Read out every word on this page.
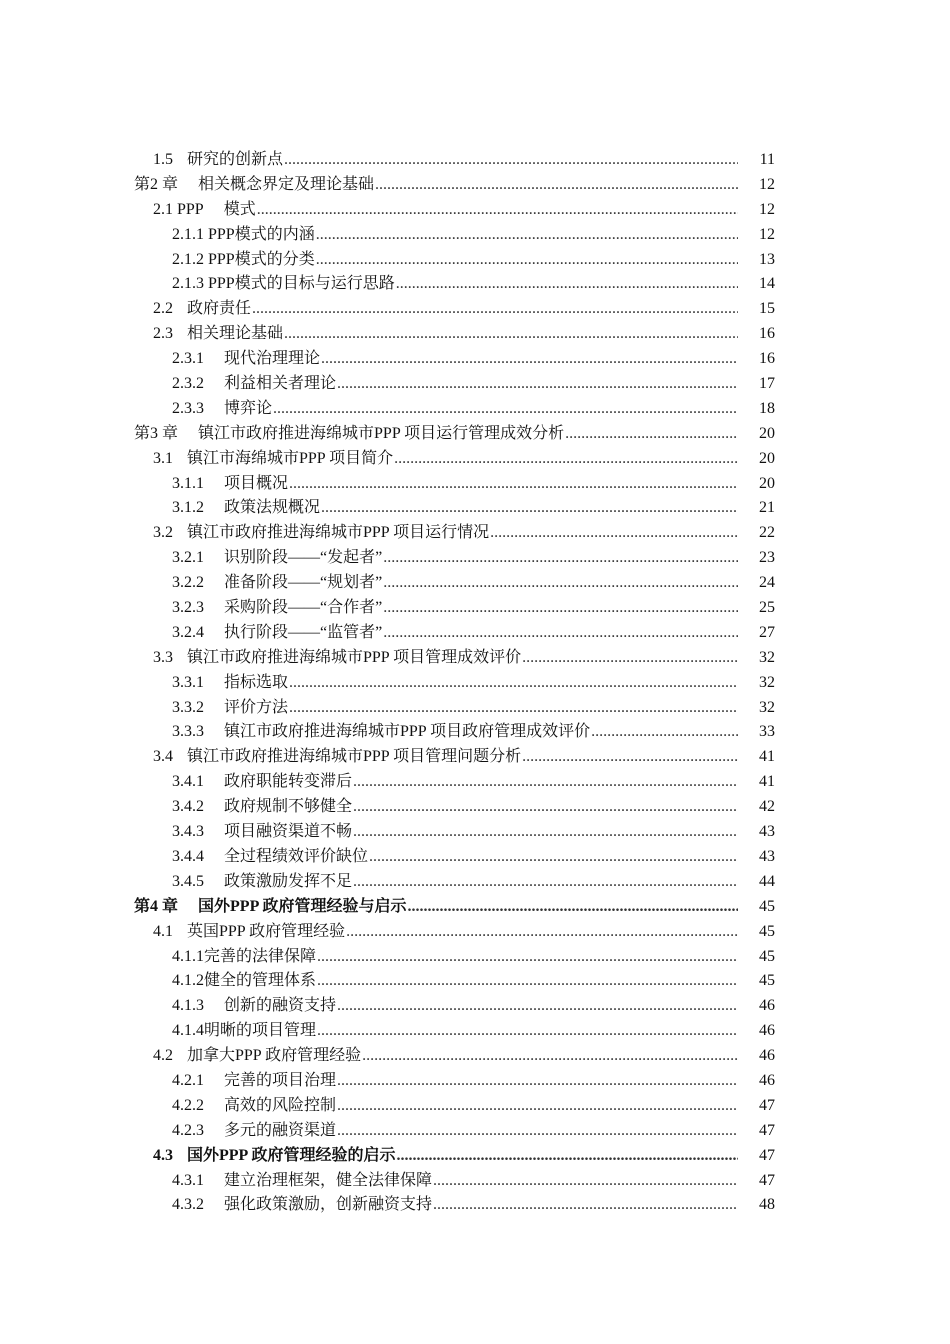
1.5 研究的创新点 .....	11
第2 章 相关概念界定及理论基础 .....	12
2.1 PPP 模式 .....	12
2.1.1 PPP模式的内涵 .....	12
2.1.2 PPP模式的分类 .....	13
2.1.3 PPP模式的目标与运行思路 .....	14
2.2 政府责任 .....	15
2.3 相关理论基础 .....	16
2.3.1 现代治理理论 .....	16
2.3.2 利益相关者理论 .....	17
2.3.3 博弈论 .....	18
第3 章 镇江市政府推进海绵城市PPP 项目运行管理成效分析 .....	20
3.1 镇江市海绵城市PPP 项目简介 .....	20
3.1.1 项目概况 .....	20
3.1.2 政策法规概况 .....	21
3.2 镇江市政府推进海绵城市PPP 项目运行情况 .....	22
3.2.1 识别阶段——“发起者” .....	23
3.2.2 准备阶段——“规划者” .....	24
3.2.3 采购阶段——“合作者” .....	25
3.2.4 执行阶段——“监管者” .....	27
3.3 镇江市政府推进海绵城市PPP 项目管理成效评价 .....	32
3.3.1 指标选取 .....	32
3.3.2 评价方法 .....	32
3.3.3 镇江市政府推进海绵城市PPP 项目政府管理成效评价 .....	33
3.4 镇江市政府推进海绵城市PPP 项目管理问题分析 .....	41
3.4.1 政府职能转变滞后 .....	41
3.4.2 政府规制不够健全 .....	42
3.4.3 项目融资渠道不畅 .....	43
3.4.4 全过程绩效评价缺位 .....	43
3.4.5 政策激励发挥不足 .....	44
第4 章 国外PPP 政府管理经验与启示 .....	45
4.1 英国PPP 政府管理经验 .....	45
4.1.1 完善的法律保障 .....	45
4.1.2 健全的管理体系 .....	45
4.1.3 创新的融资支持 .....	46
4.1.4 明晰的项目管理 .....	46
4.2 加拿大PPP 政府管理经验 .....	46
4.2.1 完善的项目治理 .....	46
4.2.2 高效的风险控制 .....	47
4.2.3 多元的融资渠道 .....	47
4.3 国外PPP 政府管理经验的启示 .....	47
4.3.1 建立治理框架，健全法律保障 .....	47
4.3.2 强化政策激励，创新融资支持 .....	48
